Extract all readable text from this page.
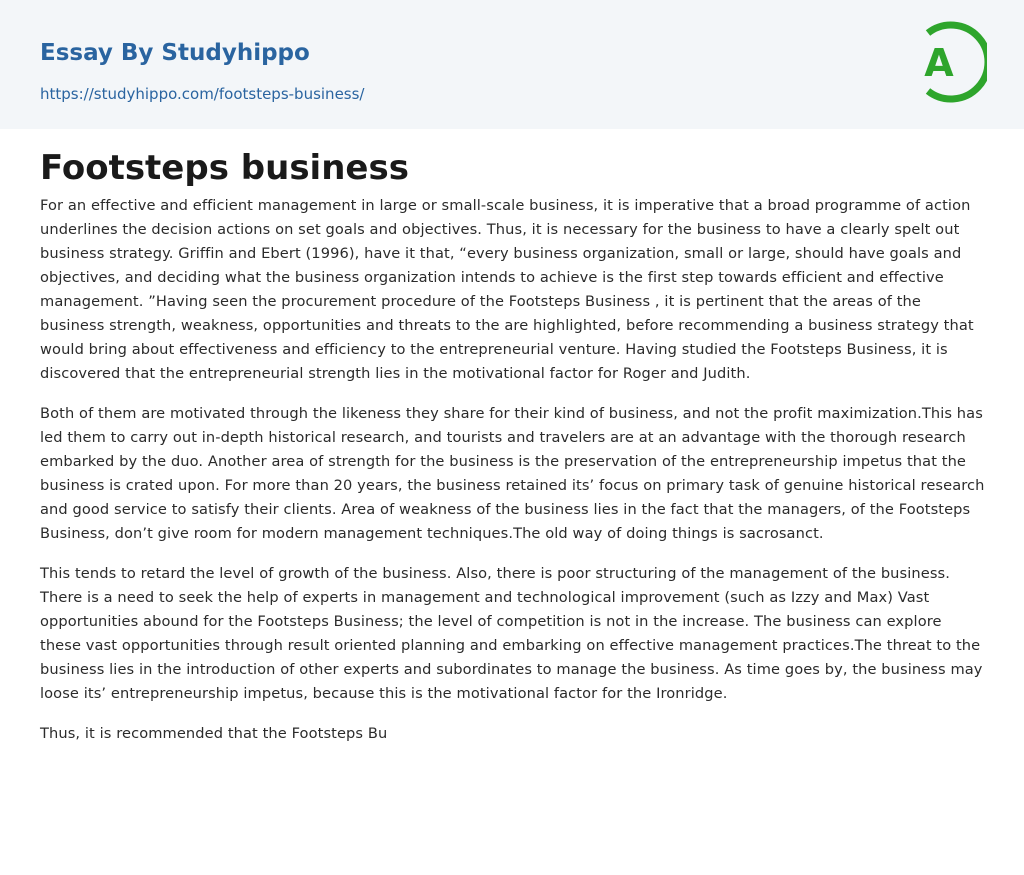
Essay By Studyhippo
https://studyhippo.com/footsteps-business/
A
Footsteps business

For an effective and efficient management in large or small-scale business, it is imperative that a broad programme of action underlines the decision actions on set goals and objectives. Thus, it is necessary for the business to have a clearly spelt out business strategy. Griffin and Ebert (1996), have it that, “every business organization, small or large, should have goals and objectives, and deciding what the business organization intends to achieve is the first step towards efficient and effective management. ”Having seen the procurement procedure of the Footsteps Business , it is pertinent that the areas of the business strength, weakness, opportunities and threats to the are highlighted, before recommending a business strategy that would bring about effectiveness and efficiency to the entrepreneurial venture. Having studied the Footsteps Business, it is discovered that the entrepreneurial strength lies in the motivational factor for Roger and Judith.

Both of them are motivated through the likeness they share for their kind of business, and not the profit maximization.This has led them to carry out in-depth historical research, and tourists and travelers are at an advantage with the thorough research embarked by the duo. Another area of strength for the business is the preservation of the entrepreneurship impetus that the business is crated upon. For more than 20 years, the business retained its’ focus on primary task of genuine historical research and good service to satisfy their clients. Area of weakness of the business lies in the fact that the managers, of the Footsteps Business, don’t give room for modern management techniques.The old way of doing things is sacrosanct.

This tends to retard the level of growth of the business. Also, there is poor structuring of the management of the business. There is a need to seek the help of experts in management and technological improvement (such as Izzy and Max) Vast opportunities abound for the Footsteps Business; the level of competition is not in the increase. The business can explore these vast opportunities through result oriented planning and embarking on effective management practices.The threat to the business lies in the introduction of other experts and subordinates to manage the business. As time goes by, the business may loose its’ entrepreneurship impetus, because this is the motivational factor for the Ironridge.

Thus, it is recommended that the Footsteps Bu
